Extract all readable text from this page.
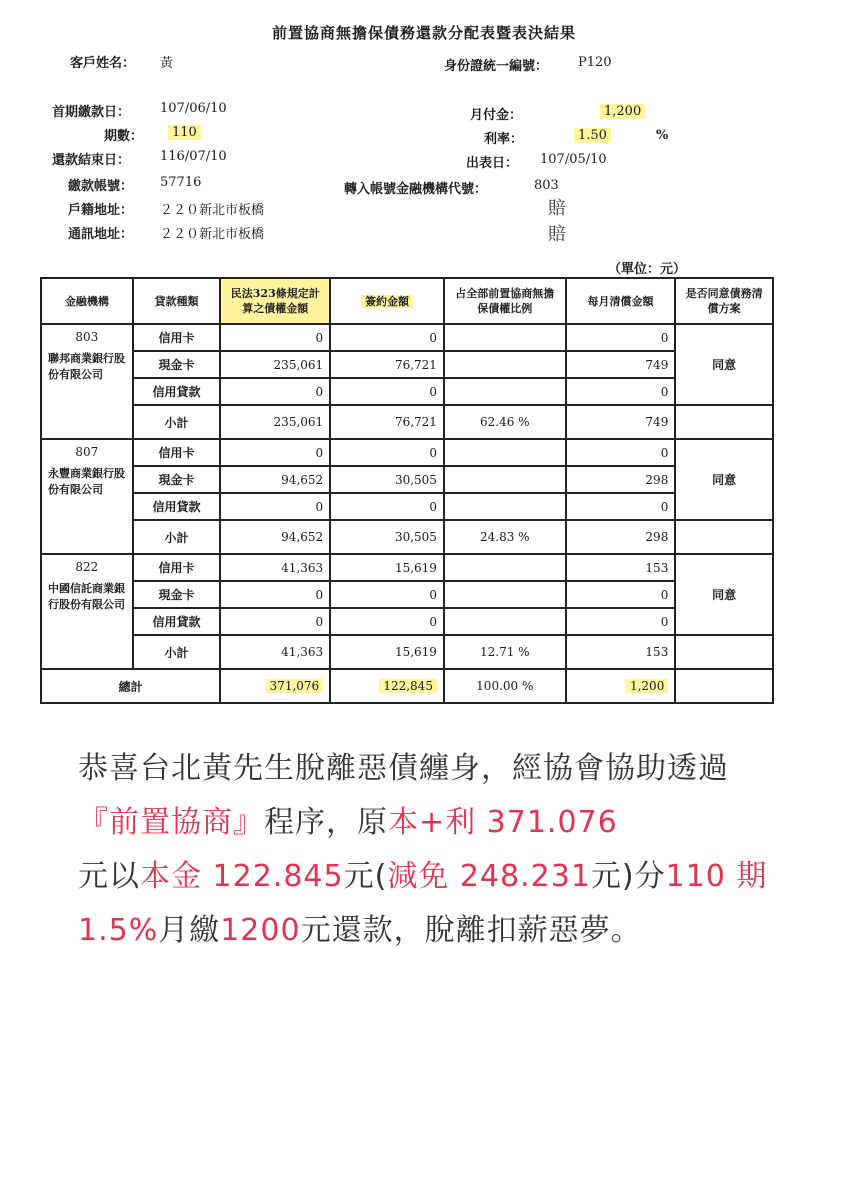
前置協商無擔保債務還款分配表暨表決結果
客戶姓名： 黃	身份證統一編號： P120
首期繳款日： 107/06/10
期數：	110
還款結束日： 116/07/10
繳款帳號： 57716
戶籍地址： ２２０新北市板橋
通訊地址： ２２０新北市板橋
月付金：	1,200
利率：	1.50	%
出表日： 107/05/10
轉入帳號金融機構代號：	803
賠 賠
（單位：元）
金融機構	貸款種類	民法323條規定計算之債權金額	簽約金額	占全部前置協商無擔保債權比例	每月清償金額	是否同意債務清償方案

803
聯邦商業銀行股份有限公司	信用卡	0	0		0	同意
	現金卡	235,061	76,721		749	
	信用貸款	0	0		0	
	小計	235,061	76,721	62.46 %	749	

807
永豐商業銀行股份有限公司	信用卡	0	0		0	同意
	現金卡	94,652	30,505		298	
	信用貸款	0	0		0	
	小計	94,652	30,505	24.83 %	298	

822
中國信託商業銀行股份有限公司	信用卡	41,363	15,619		153	同意
	現金卡	0	0		0	
	信用貸款	0	0		0	
	小計	41,363	15,619	12.71 %	153	
總計		371,076	122,845	100.00 %	1,200	
恭喜台北黃先生脫離惡債纏身，經協會協助透過『前置協商』程序，原本+利 371.076
元以本金 122.845元(減免 248.231元)分110 期 1.5%月繳1200元還款，脫離扣薪惡夢。
